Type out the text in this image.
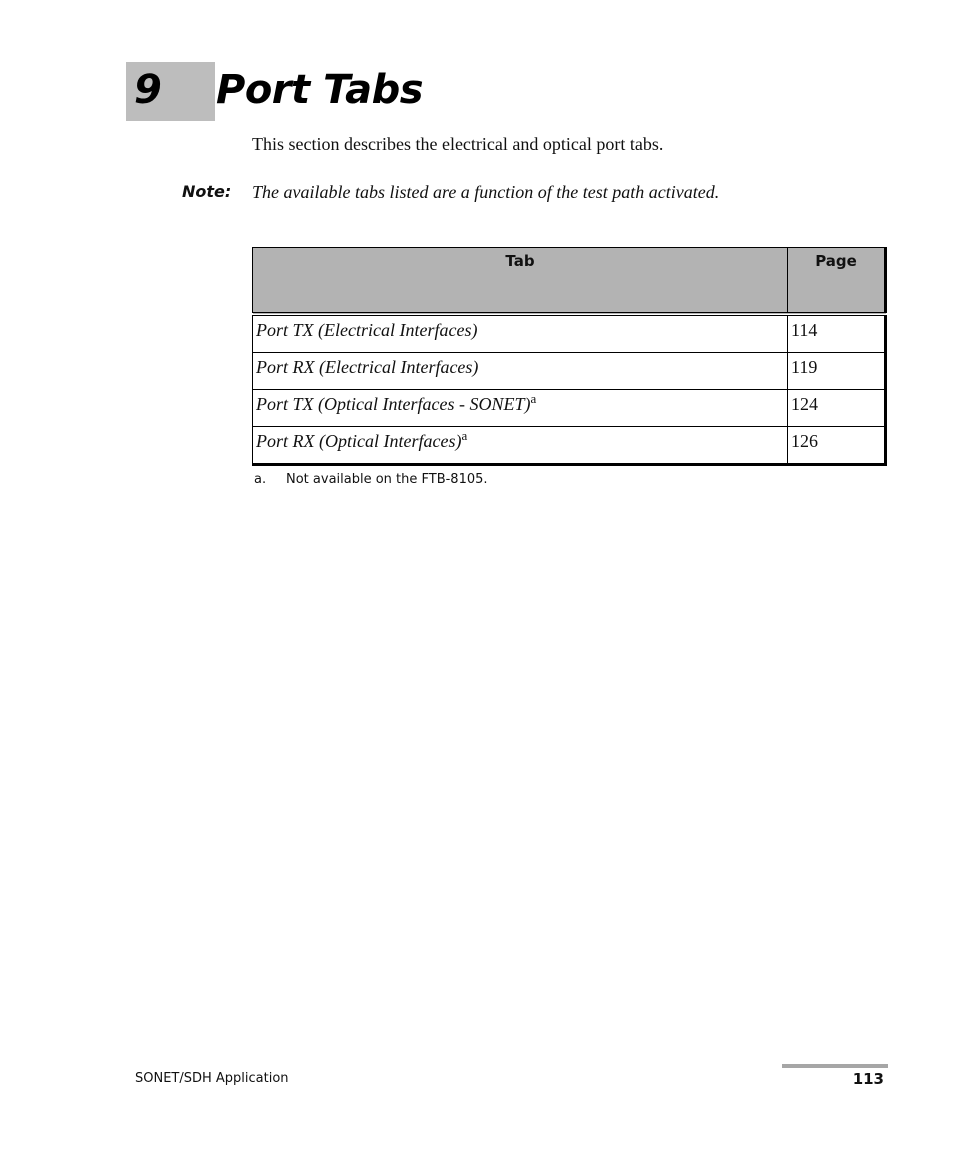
9 Port Tabs

This section describes the electrical and optical port tabs.

Note: The available tabs listed are a function of the test path activated.
Tab	Page
Port TX (Electrical Interfaces)	114
Port RX (Electrical Interfaces)	119
Port TX (Optical Interfaces - SONET)$^a$	124
Port RX (Optical Interfaces)$^a$	126
a. Not available on the FTB-8105.
SONET/SDH Application	113
